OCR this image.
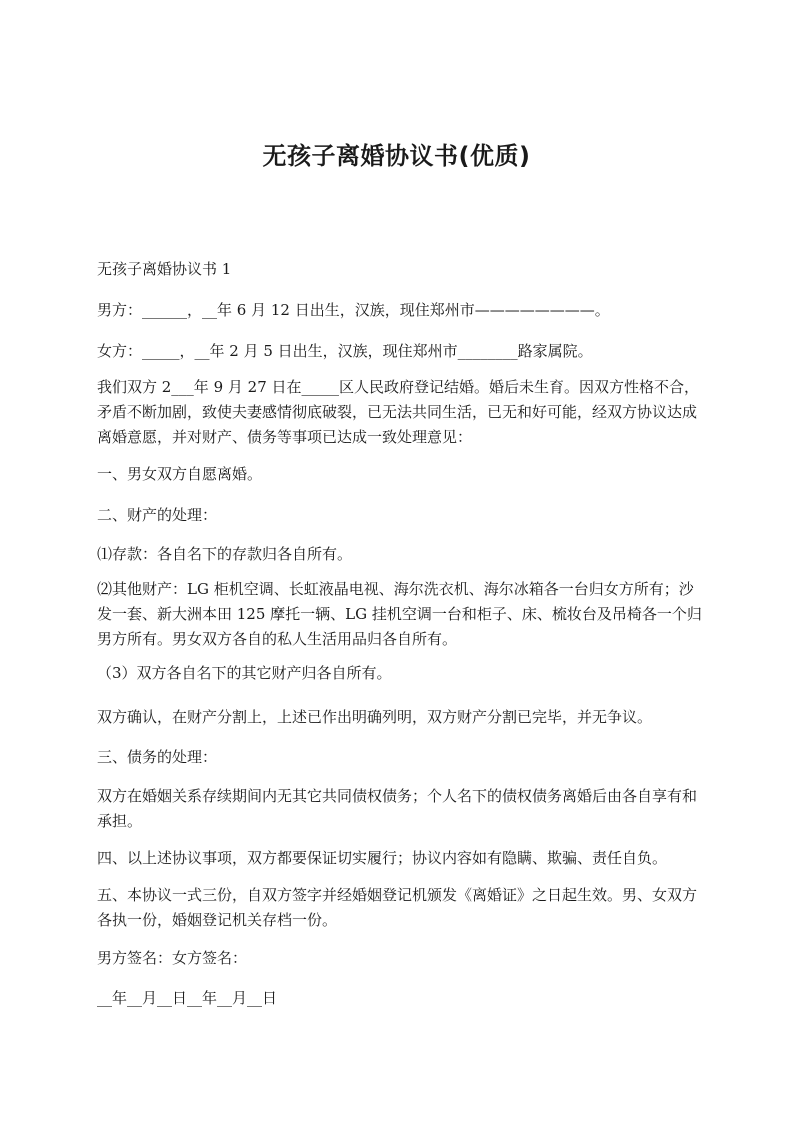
无孩子离婚协议书(优质)

无孩子离婚协议书 1

男方：______，__年 6 月 12 日出生，汉族，现住郑州市————————。

女方：_____，__年 2 月 5 日出生，汉族，现住郑州市________路家属院。

我们双方 2___年 9 月 27 日在_____区人民政府登记结婚。婚后未生育。因双方性格不合，矛盾不断加剧，致使夫妻感情彻底破裂，已无法共同生活，已无和好可能，经双方协议达成离婚意愿，并对财产、债务等事项已达成一致处理意见：

一、男女双方自愿离婚。

二、财产的处理：

⑴存款：各自名下的存款归各自所有。

⑵其他财产：LG 柜机空调、长虹液晶电视、海尔洗衣机、海尔冰箱各一台归女方所有；沙发一套、新大洲本田 125 摩托一辆、LG 挂机空调一台和柜子、床、梳妆台及吊椅各一个归男方所有。男女双方各自的私人生活用品归各自所有。

（3）双方各自名下的其它财产归各自所有。

双方确认，在财产分割上，上述已作出明确列明，双方财产分割已完毕，并无争议。

三、债务的处理：

双方在婚姻关系存续期间内无其它共同债权债务；个人名下的债权债务离婚后由各自享有和承担。

四、以上述协议事项，双方都要保证切实履行；协议内容如有隐瞒、欺骗、责任自负。

五、本协议一式三份，自双方签字并经婚姻登记机颁发《离婚证》之日起生效。男、女双方各执一份，婚姻登记机关存档一份。

男方签名：女方签名：

__年__月__日__年__月__日
